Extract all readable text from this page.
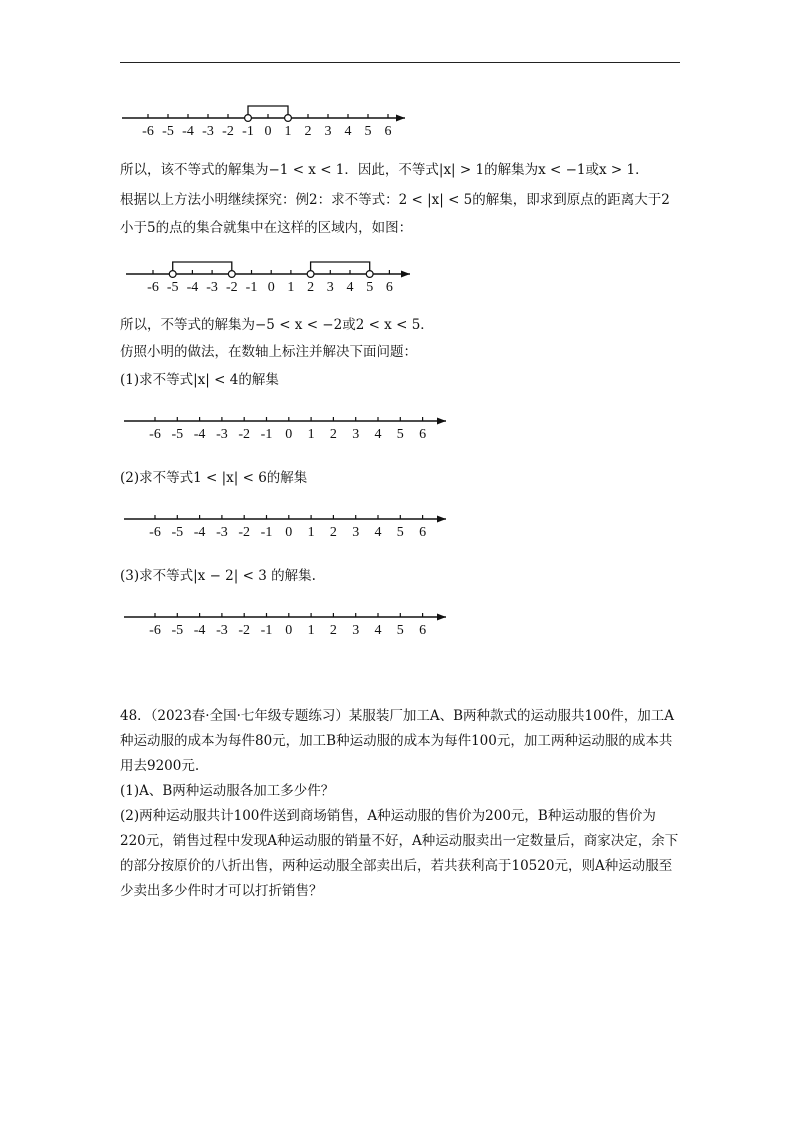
-6 -5 -4 -3 -2 -1 0 1 2 3 4 5 6
所以，该不等式的解集为−1 < x < 1．因此，不等式|x| > 1的解集为x < −1或x > 1．
根据以上方法小明继续探究：例2：求不等式：2 < |x| < 5的解集，即求到原点的距离大于2
小于5的点的集合就集中在这样的区域内，如图：
-6 -5 -4 -3 -2 -1 0 1 2 3 4 5 6
所以，不等式的解集为−5 < x < −2或2 < x < 5．
仿照小明的做法，在数轴上标注并解决下面问题：
(1)求不等式|x| < 4的解集
-6 -5 -4 -3 -2 -1 0 1 2 3 4 5 6
(2)求不等式1 < |x| < 6的解集
-6 -5 -4 -3 -2 -1 0 1 2 3 4 5 6
(3)求不等式|x − 2| < 3 的解集.
-6 -5 -4 -3 -2 -1 0 1 2 3 4 5 6

48．（2023春·全国·七年级专题练习）某服装厂加工A、B两种款式的运动服共100件，加工A种运动服的成本为每件80元，加工B种运动服的成本为每件100元，加工两种运动服的成本共用去9200元.

(1)A、B两种运动服各加工多少件？

(2)两种运动服共计100件送到商场销售，A种运动服的售价为200元，B种运动服的售价为220元，销售过程中发现A种运动服的销量不好，A种运动服卖出一定数量后，商家决定，余下的部分按原价的八折出售，两种运动服全部卖出后，若共获利高于10520元，则A种运动服至少卖出多少件时才可以打折销售？
